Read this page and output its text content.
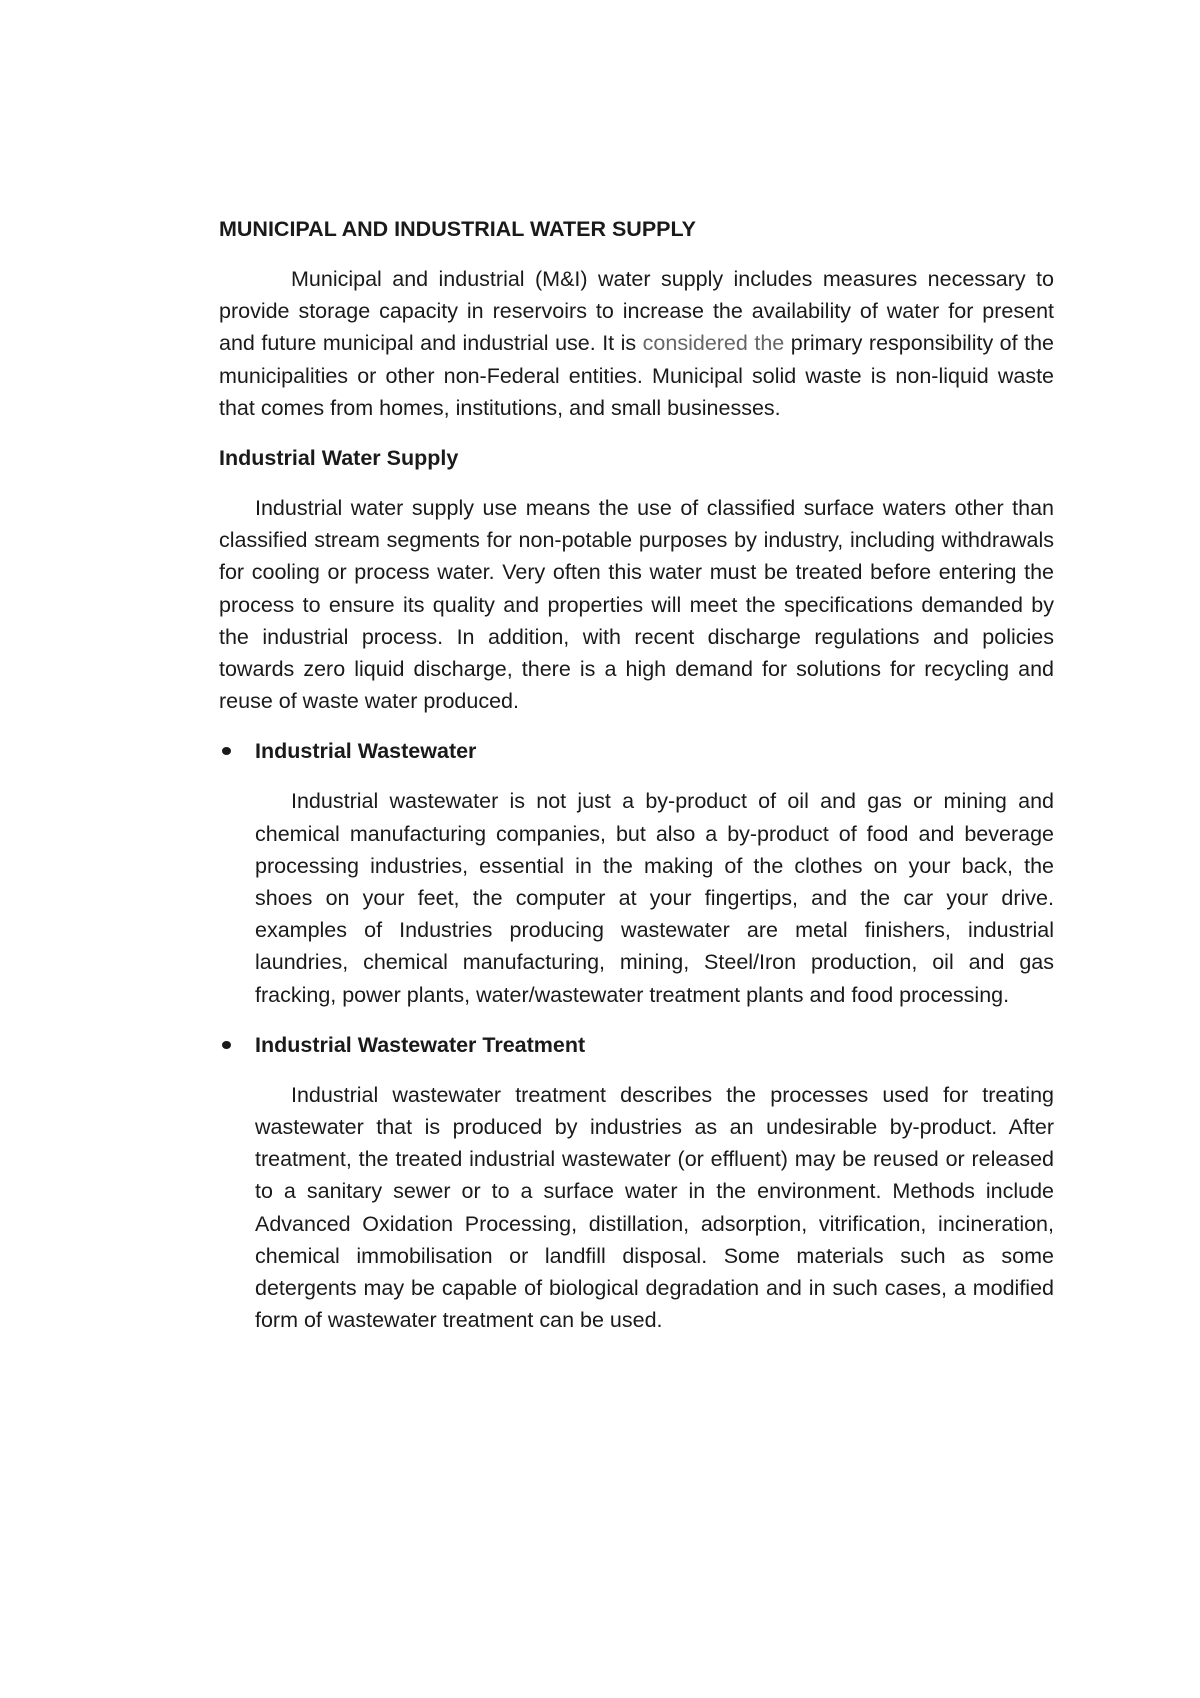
MUNICIPAL AND INDUSTRIAL WATER SUPPLY

Municipal and industrial (M&I) water supply includes measures necessary to provide storage capacity in reservoirs to increase the availability of water for present and future municipal and industrial use. It is considered the primary responsibility of the municipalities or other non-Federal entities. Municipal solid waste is non-liquid waste that comes from homes, institutions, and small businesses.

Industrial Water Supply

Industrial water supply use means the use of classified surface waters other than classified stream segments for non-potable purposes by industry, including withdrawals for cooling or process water. Very often this water must be treated before entering the process to ensure its quality and properties will meet the specifications demanded by the industrial process. In addition, with recent discharge regulations and policies towards zero liquid discharge, there is a high demand for solutions for recycling and reuse of waste water produced.

Industrial Wastewater

Industrial wastewater is not just a by-product of oil and gas or mining and chemical manufacturing companies, but also a by-product of food and beverage processing industries, essential in the making of the clothes on your back, the shoes on your feet, the computer at your fingertips, and the car your drive. examples of Industries producing wastewater are metal finishers, industrial laundries, chemical manufacturing, mining, Steel/Iron production, oil and gas fracking, power plants, water/wastewater treatment plants and food processing.

Industrial Wastewater Treatment

Industrial wastewater treatment describes the processes used for treating wastewater that is produced by industries as an undesirable by-product. After treatment, the treated industrial wastewater (or effluent) may be reused or released to a sanitary sewer or to a surface water in the environment. Methods include Advanced Oxidation Processing, distillation, adsorption, vitrification, incineration, chemical immobilisation or landfill disposal. Some materials such as some detergents may be capable of biological degradation and in such cases, a modified form of wastewater treatment can be used.
